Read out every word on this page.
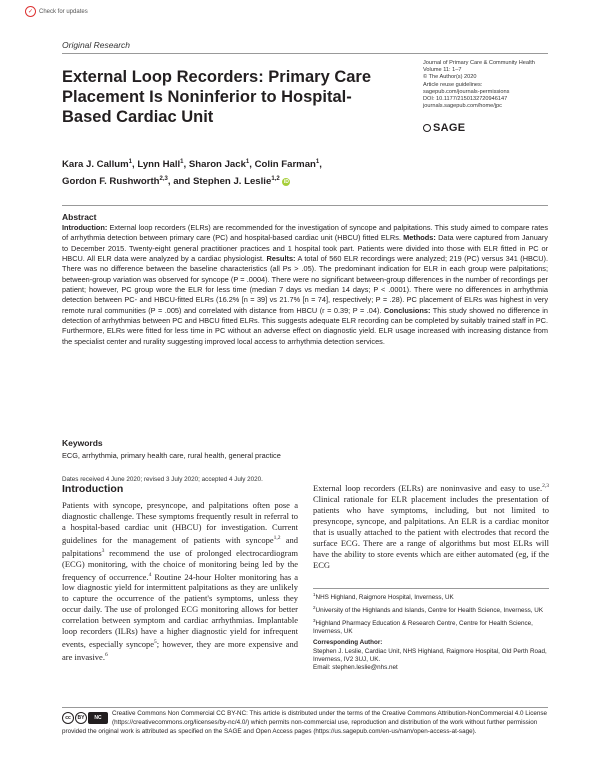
✓ Check for updates
Original Research
External Loop Recorders: Primary Care Placement Is Noninferior to Hospital-Based Cardiac Unit
Journal of Primary Care & Community Health
Volume 11: 1–7
© The Author(s) 2020
Article reuse guidelines:
sagepub.com/journals-permissions
DOI: 10.1177/2150132720946147
journals.sagepub.com/home/jpc
SAGE
Kara J. Callum$^1$, Lynn Hall$^1$, Sharon Jack$^1$, Colin Farman$^1$,
Gordon F. Rushworth$^{2,3}$, and Stephen J. Leslie$^{1,2}$ iD
Abstract
Introduction: External loop recorders (ELRs) are recommended for the investigation of syncope and palpitations. This study aimed to compare rates of arrhythmia detection between primary care (PC) and hospital-based cardiac unit (HBCU) fitted ELRs. Methods: Data were captured from January to December 2015. Twenty-eight general practitioner practices and 1 hospital took part. Patients were divided into those with ELR fitted in PC or HBCU. All ELR data were analyzed by a cardiac physiologist. Results: A total of 560 ELR recordings were analyzed; 219 (PC) versus 341 (HBCU). There was no difference between the baseline characteristics (all Ps > .05). The predominant indication for ELR in each group were palpitations; between-group variation was observed for syncope (P = .0004). There were no significant between-group differences in the number of recordings per patient; however, PC group wore the ELR for less time (median 7 days vs median 14 days; P < .0001). There were no differences in arrhythmia detection between PC- and HBCU-fitted ELRs (16.2% [n = 39] vs 21.7% [n = 74], respectively; P = .28). PC placement of ELRs was highest in very remote rural communities (P = .005) and correlated with distance from HBCU (r = 0.39; P = .04). Conclusions: This study showed no difference in detection of arrhythmias between PC and HBCU fitted ELRs. This suggests adequate ELR recording can be completed by suitably trained staff in PC. Furthermore, ELRs were fitted for less time in PC without an adverse effect on diagnostic yield. ELR usage increased with increasing distance from the specialist center and rurality suggesting improved local access to arrhythmia detection services.
Keywords
ECG, arrhythmia, primary health care, rural health, general practice
Dates received 4 June 2020; revised 3 July 2020; accepted 4 July 2020.
Introduction
Patients with syncope, presyncope, and palpitations often pose a diagnostic challenge. These symptoms frequently result in referral to a hospital-based cardiac unit (HBCU) for investigation. Current guidelines for the management of patients with syncope$^{1,2}$ and palpitations$^3$ recommend the use of prolonged electrocardiogram (ECG) monitoring, with the choice of monitoring being led by the frequency of occurrence.$^4$ Routine 24-hour Holter monitoring has a low diagnostic yield for intermittent palpitations as they are unlikely to capture the occurrence of the patient's symptoms, unless they occur daily. The use of prolonged ECG monitoring allows for better correlation between symptom and cardiac arrhythmias. Implantable loop recorders (ILRs) have a higher diagnostic yield for infrequent events, especially syncope$^5$; however, they are more expensive and are invasive.$^6$
External loop recorders (ELRs) are noninvasive and easy to use.$^{2,3}$ Clinical rationale for ELR placement includes the presentation of patients who have symptoms, including, but not limited to presyncope, syncope, and palpitations. An ELR is a cardiac monitor that is usually attached to the patient with electrodes that record the surface ECG. There are a range of algorithms but most ELRs will have the ability to store events which are either automated (eg, if the ECG
$^1$NHS Highland, Raigmore Hospital, Inverness, UK
$^2$University of the Highlands and Islands, Centre for Health Science, Inverness, UK
$^3$Highland Pharmacy Education & Research Centre, Centre for Health Science, Inverness, UK
Corresponding Author:
Stephen J. Leslie, Cardiac Unit, NHS Highland, Raigmore Hospital, Old Perth Road, Inverness, IV2 3UJ, UK.
Email: stephen.leslie@nhs.net
cc	BY	NC
Creative Commons Non Commercial CC BY-NC: This article is distributed under the terms of the Creative Commons Attribution-NonCommercial 4.0 License (https://creativecommons.org/licenses/by-nc/4.0/) which permits non-commercial use, reproduction and distribution of the work without further permission provided the original work is attributed as specified on the SAGE and Open Access pages (https://us.sagepub.com/en-us/nam/open-access-at-sage).
